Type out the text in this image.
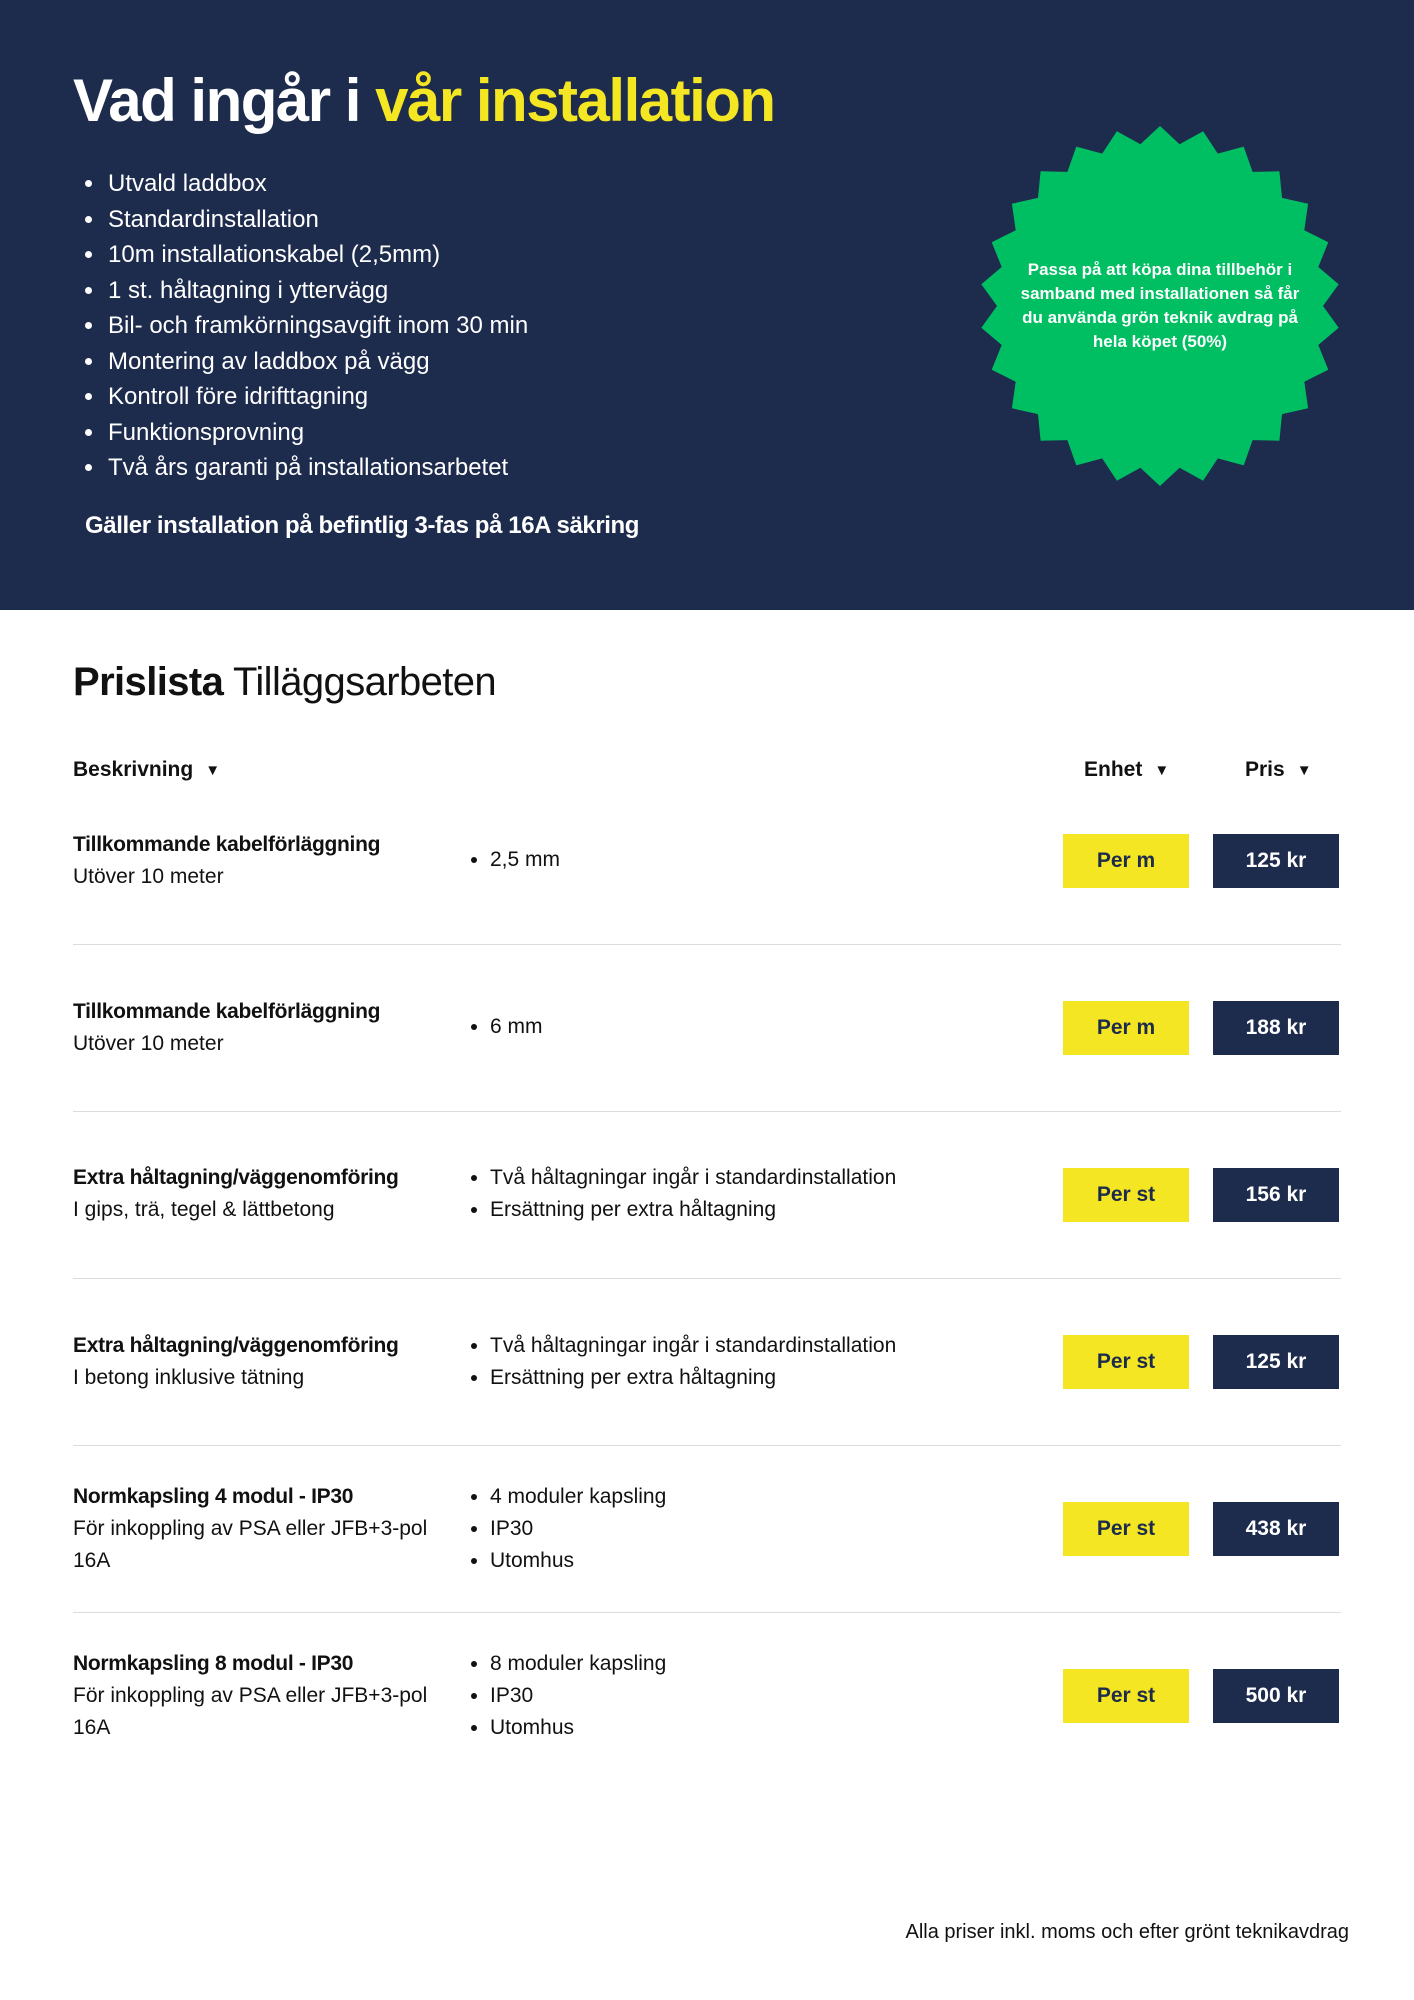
Vad ingår i vår installation
• Utvald laddbox
• Standardinstallation
• 10m installationskabel (2,5mm)
• 1 st. håltagning i yttervägg
• Bil- och framkörningsavgift inom 30 min
• Montering av laddbox på vägg
• Kontroll före idrifttagning
• Funktionsprovning
• Två års garanti på installationsarbetet
Gäller installation på befintlig 3-fas på 16A säkring
Passa på att köpa dina tillbehör i samband med installationen så får du använda grön teknik avdrag på hela köpet (50%)
Prislista Tilläggsarbeten
Beskrivning ▼	Enhet ▼	Pris ▼
Tillkommande kabelförläggning
Utöver 10 meter
• 2,5 mm	Per m	125 kr
Tillkommande kabelförläggning
Utöver 10 meter
• 6 mm	Per m	188 kr
Extra håltagning/väggenomföring
I gips, trä, tegel & lättbetong
• Två håltagningar ingår i standardinstallation
• Ersättning per extra håltagning
Per st	156 kr
Extra håltagning/väggenomföring
I betong inklusive tätning
• Två håltagningar ingår i standardinstallation
• Ersättning per extra håltagning
Per st	125 kr
Normkapsling 4 modul - IP30
För inkoppling av PSA eller JFB+3-pol 16A
• 4 moduler kapsling
• IP30
• Utomhus
Per st	438 kr
Normkapsling 8 modul - IP30
För inkoppling av PSA eller JFB+3-pol 16A
• 8 moduler kapsling
• IP30
• Utomhus
Per st	500 kr
Alla priser inkl. moms och efter grönt teknikavdrag
